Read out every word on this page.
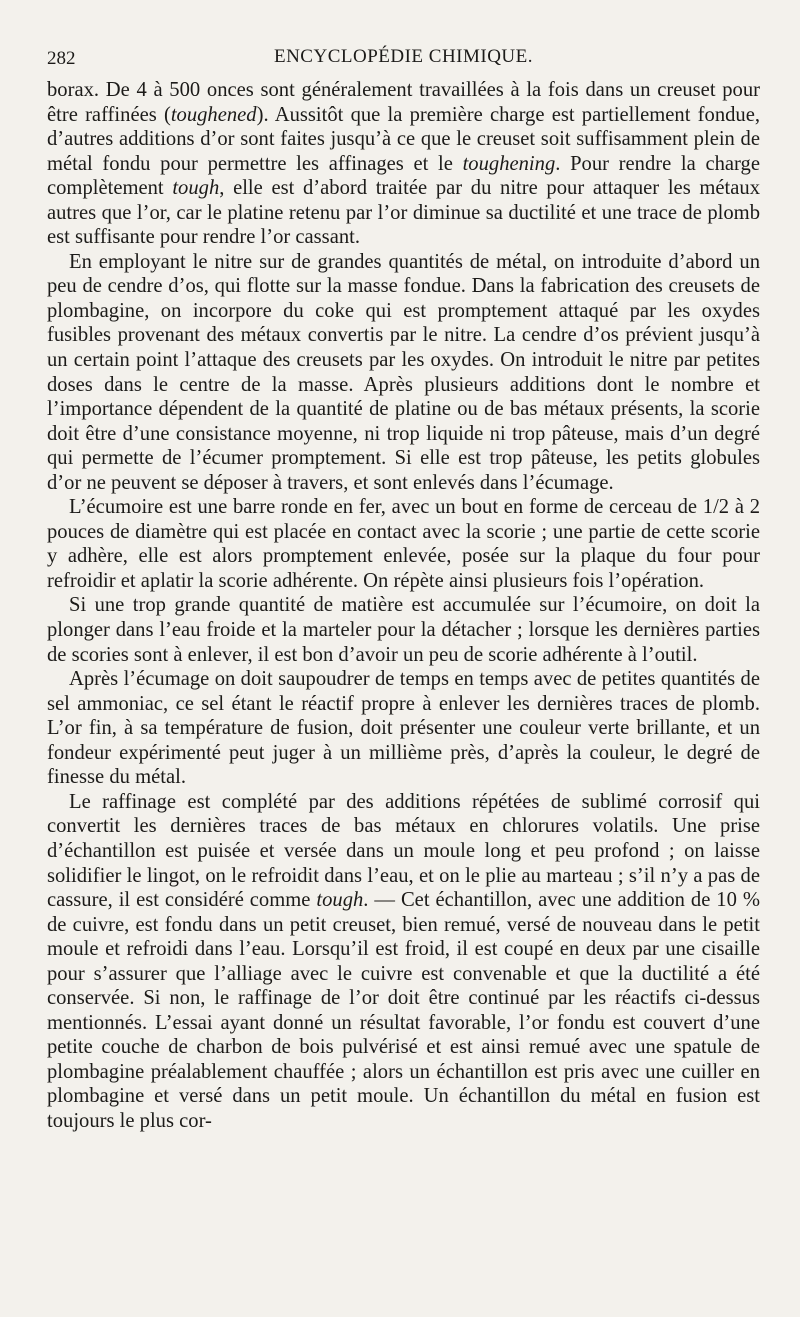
282	ENCYCLOPÉDIE CHIMIQUE.

borax. De 4 à 500 onces sont généralement travaillées à la fois dans un creuset pour être raffinées (toughened). Aussitôt que la première charge est partiellement fondue, d’autres additions d’or sont faites jusqu’à ce que le creuset soit suffisamment plein de métal fondu pour permettre les affinages et le toughening. Pour rendre la charge complètement tough, elle est d’abord traitée par du nitre pour attaquer les métaux autres que l’or, car le platine retenu par l’or diminue sa ductilité et une trace de plomb est suffisante pour rendre l’or cassant.

En employant le nitre sur de grandes quantités de métal, on introduite d’abord un peu de cendre d’os, qui flotte sur la masse fondue. Dans la fabrication des creusets de plombagine, on incorpore du coke qui est promptement attaqué par les oxydes fusibles provenant des métaux convertis par le nitre. La cendre d’os prévient jusqu’à un certain point l’attaque des creusets par les oxydes. On introduit le nitre par petites doses dans le centre de la masse. Après plusieurs additions dont le nombre et l’importance dépendent de la quantité de platine ou de bas métaux présents, la scorie doit être d’une consistance moyenne, ni trop liquide ni trop pâteuse, mais d’un degré qui permette de l’écumer promptement. Si elle est trop pâteuse, les petits globules d’or ne peuvent se déposer à travers, et sont enlevés dans l’écumage.

L’écumoire est une barre ronde en fer, avec un bout en forme de cerceau de 1/2 à 2 pouces de diamètre qui est placée en contact avec la scorie ; une partie de cette scorie y adhère, elle est alors promptement enlevée, posée sur la plaque du four pour refroidir et aplatir la scorie adhérente. On répète ainsi plusieurs fois l’opération.

Si une trop grande quantité de matière est accumulée sur l’écumoire, on doit la plonger dans l’eau froide et la marteler pour la détacher ; lorsque les dernières parties de scories sont à enlever, il est bon d’avoir un peu de scorie adhérente à l’outil.

Après l’écumage on doit saupoudrer de temps en temps avec de petites quantités de sel ammoniac, ce sel étant le réactif propre à enlever les dernières traces de plomb. L’or fin, à sa température de fusion, doit présenter une couleur verte brillante, et un fondeur expérimenté peut juger à un millième près, d’après la couleur, le degré de finesse du métal.

Le raffinage est complété par des additions répétées de sublimé corrosif qui convertit les dernières traces de bas métaux en chlorures volatils. Une prise d’échantillon est puisée et versée dans un moule long et peu profond ; on laisse solidifier le lingot, on le refroidit dans l’eau, et on le plie au marteau ; s’il n’y a pas de cassure, il est considéré comme tough. — Cet échantillon, avec une addition de 10 % de cuivre, est fondu dans un petit creuset, bien remué, versé de nouveau dans le petit moule et refroidi dans l’eau. Lorsqu’il est froid, il est coupé en deux par une cisaille pour s’assurer que l’alliage avec le cuivre est convenable et que la ductilité a été conservée. Si non, le raffinage de l’or doit être continué par les réactifs ci-dessus mentionnés. L’essai ayant donné un résultat favorable, l’or fondu est couvert d’une petite couche de charbon de bois pulvérisé et est ainsi remué avec une spatule de plombagine préalablement chauffée ; alors un échantillon est pris avec une cuiller en plombagine et versé dans un petit moule. Un échantillon du métal en fusion est toujours le plus cor-
